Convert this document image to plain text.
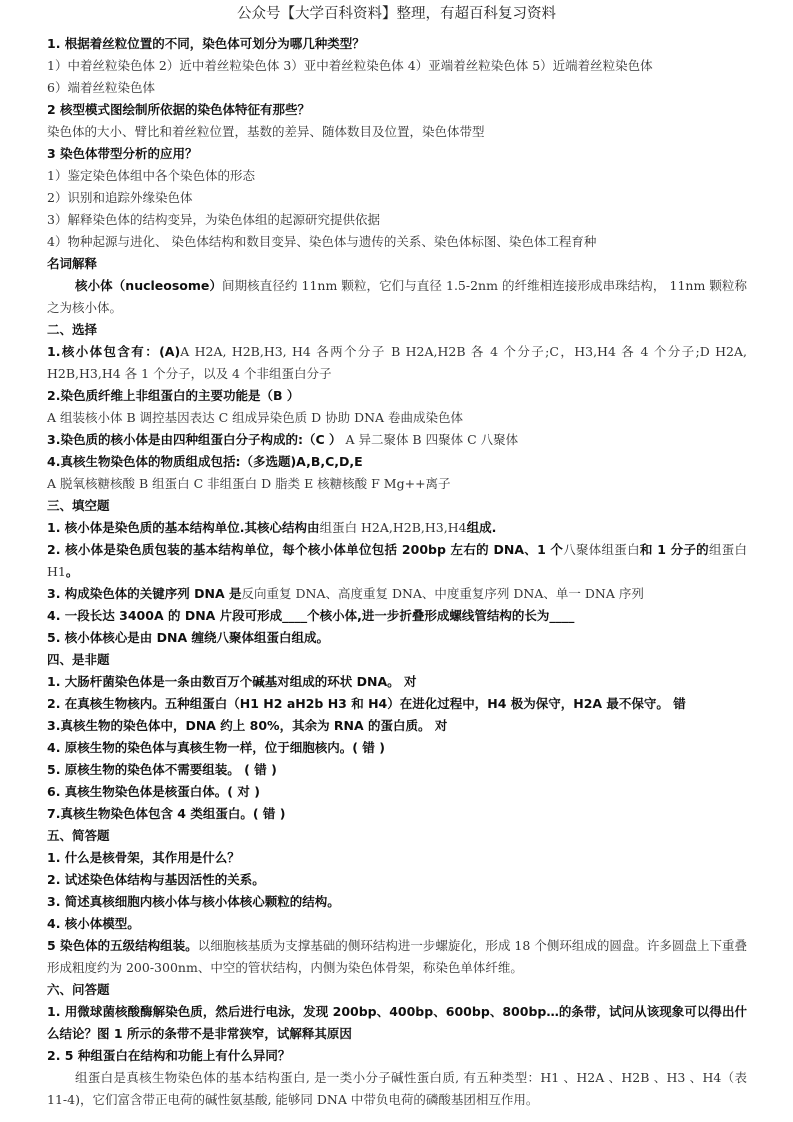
公众号【大学百科资料】整理，有超百科复习资料
1. 根据着丝粒位置的不同，染色体可划分为哪几种类型？
1）中着丝粒染色体 2）近中着丝粒染色体 3）亚中着丝粒染色体 4）亚端着丝粒染色体 5）近端着丝粒染色体
6）端着丝粒染色体
2 核型模式图绘制所依据的染色体特征有那些？
染色体的大小、臂比和着丝粒位置，基数的差异、随体数目及位置，染色体带型
3 染色体带型分析的应用？
1）鉴定染色体组中各个染色体的形态
2）识别和追踪外缘染色体
3）解释染色体的结构变异，为染色体组的起源研究提供依据
4）物种起源与进化、 染色体结构和数目变异、染色体与遗传的关系、染色体标图、染色体工程育种
名词解释
核小体（nucleosome）间期核直径约 11nm 颗粒，它们与直径 1.5-2nm 的纤维相连接形成串珠结构， 11nm 颗粒称之为核小体。
二、选择
1.核小体包含有：(A)A H2A, H2B,H3, H4 各两个分子 B H2A,H2B 各 4 个分子;C，H3,H4 各 4 个分子;D H2A, H2B,H3,H4 各 1 个分子，以及 4 个非组蛋白分子
2.染色质纤维上非组蛋白的主要功能是（B ）
A 组装核小体 B 调控基因表达 C 组成异染色质 D 协助 DNA 卷曲成染色体
3.染色质的核小体是由四种组蛋白分子构成的:（C ） A 异二聚体 B 四聚体 C 八聚体
4.真核生物染色体的物质组成包括:（多选题)A,B,C,D,E
A 脱氧核糖核酸 B 组蛋白 C 非组蛋白 D 脂类 E 核糖核酸 F Mg++离子
三、填空题
1. 核小体是染色质的基本结构单位.其核心结构由组蛋白 H2A,H2B,H3,H4组成.
2. 核小体是染色质包装的基本结构单位，每个核小体单位包括 200bp 左右的 DNA、1 个八聚体组蛋白和 1 分子的组蛋白 H1。
3. 构成染色体的关键序列 DNA 是反向重复 DNA、高度重复 DNA、中度重复序列 DNA、单一 DNA 序列
4. 一段长达 3400A 的 DNA 片段可形成____个核小体,进一步折叠形成螺线管结构的长为____
5. 核小体核心是由 DNA 缠绕八聚体组蛋白组成。
四、是非题
1. 大肠杆菌染色体是一条由数百万个碱基对组成的环状 DNA。 对
2. 在真核生物核内。五种组蛋白（H1 H2 aH2b H3 和 H4）在进化过程中，H4 极为保守，H2A 最不保守。 错
3.真核生物的染色体中，DNA 约上 80%，其余为 RNA 的蛋白质。 对
4. 原核生物的染色体与真核生物一样，位于细胞核内。( 错 )
5. 原核生物的染色体不需要组装。 ( 错 )
6. 真核生物染色体是核蛋白体。( 对 )
7.真核生物染色体包含 4 类组蛋白。( 错 )
五、简答题
1. 什么是核骨架，其作用是什么？
2. 试述染色体结构与基因活性的关系。
3. 简述真核细胞内核小体与核小体核心颗粒的结构。
4. 核小体模型。
5 染色体的五级结构组装。以细胞核基质为支撑基础的侧环结构进一步螺旋化，形成 18 个侧环组成的圆盘。许多圆盘上下重叠形成粗度约为 200-300nm、中空的管状结构，内侧为染色体骨架，称染色单体纤维。
六、问答题
1. 用微球菌核酸酶解染色质，然后进行电泳，发现 200bp、400bp、600bp、800bp…的条带，试问从该现象可以得出什么结论？图 1 所示的条带不是非常狭窄，试解释其原因
2. 5 种组蛋白在结构和功能上有什么异同？
组蛋白是真核生物染色体的基本结构蛋白, 是一类小分子碱性蛋白质, 有五种类型：H1 、H2A 、H2B 、H3 、H4（表 11-4)，它们富含带正电荷的碱性氨基酸, 能够同 DNA 中带负电荷的磷酸基团相互作用。
